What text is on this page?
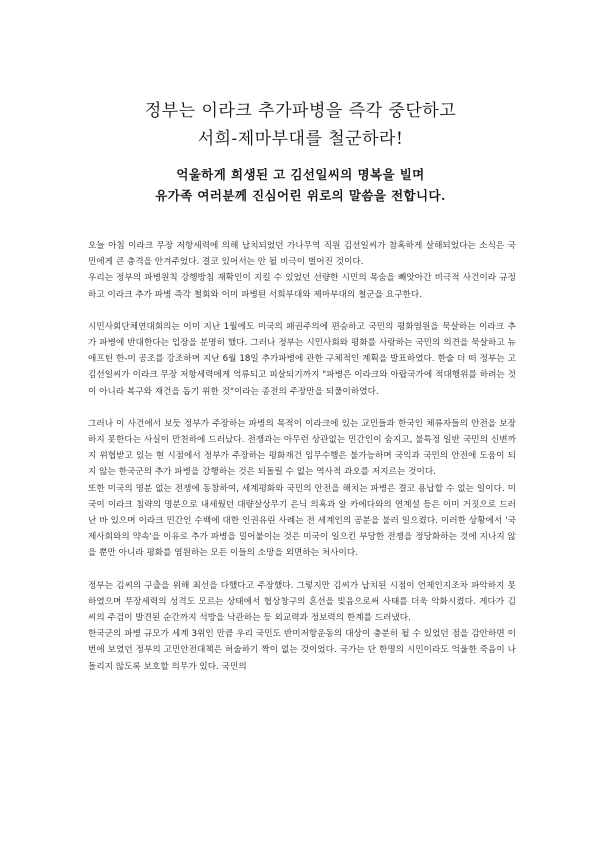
정부는 이라크 추가파병을 즉각 중단하고
서희-제마부대를 철군하라!
억울하게 희생된 고 김선일씨의 명복을 빌며
유가족 여러분께 진심어린 위로의 말씀을 전합니다.

오늘 아침 이라크 무장 저항세력에 의해 납치되었던 가나무역 직원 김선일씨가 참혹하게 살해되었다는 소식은 국민에게 큰 충격을 안겨주었다. 결코 있어서는 안 될 비극이 벌어진 것이다.

우리는 정부의 파병원칙 강행방침 재확인이 지킬 수 있었던 선량한 시민의 목숨을 빼앗아간 비극적 사건이라 규정하고 이라크 추가 파병 즉각 철회와 이미 파병된 서희부대와 제마부대의 철군을 요구한다.

시민사회단체연대회의는 이미 지난 1월에도 미국의 패권주의에 편승하고 국민의 평화염원을 묵살하는 이라크 추가 파병에 반대한다는 입장을 분명히 했다. 그러나 정부는 시민사회와 평화를 사랑하는 국민의 의견을 묵살하고 뉴애프틴 한-미 공조를 강조하며 지난 6월 18일 추가파병에 관한 구체적인 계획을 발표하였다. 한술 더 떠 정부는 고 김선일씨가 이라크 무장 저항세력에게 억류되고 피살되기까지 "파병은 이라크와 아랍국가에 적대행위를 하려는 것이 아니라 복구와 재건을 돕기 위한 것"이라는 종전의 주장만을 되풀이하였다.

그러나 이 사건에서 보듯 정부가 주장하는 파병의 목적이 이라크에 있는 교민들과 한국인 체류자들의 안전을 보장하지 못한다는 사실이 만천하에 드러났다. 전쟁과는 아무런 상관없는 민간인이 숨지고, 불특정 일반 국민의 신변까지 위협받고 있는 현 시점에서 정부가 주장하는 평화재건 임무수행은 불가능하며 국익과 국민의 안전에 도움이 되지 않는 한국군의 추가 파병을 강행하는 것은 되돌릴 수 없는 역사적 과오를 저지르는 것이다.

또한 미국의 명분 없는 전쟁에 동참하여, 세계평화와 국민의 안전을 해치는 파병은 결코 용납할 수 없는 일이다. 미국이 이라크 침략의 명분으로 내세웠던 대량살상무기 은닉 의혹과 알 카에다와의 연계설 등은 이미 거짓으로 드러난 바 있으며 이라크 민간인 수백에 대한 인권유린 사례는 전 세계인의 공분을 불러 일으켰다. 이러한 상황에서 '국제사회와의 약속'을 이유로 추가 파병을 밀어붙이는 것은 미국이 일으킨 부당한 전쟁을 정당화하는 것에 지나지 않을 뿐만 아니라 평화를 염원하는 모든 이들의 소망을 외면하는 처사이다.

정부는 김씨의 구출을 위해 최선을 다했다고 주장했다. 그렇지만 김씨가 납치된 시점이 언제인지조차 파악하지 못 하였으며 무장세력의 성격도 모르는 상태에서 협상창구의 혼선을 빚음으로써 사태를 더욱 악화시켰다. 게다가 김씨의 주검이 발견된 순간까지 석방을 낙관하는 등 외교력과 정보력의 한계를 드러냈다.

한국군의 파병 규모가 세계 3위인 만큼 우리 국민도 반미저항운동의 대상이 충분히 될 수 있었던 점을 감안하면 이번에 보였던 정부의 고민안전대책은 허술하기 짝이 없는 것이었다. 국가는 단 한명의 시민이라도 억울한 죽음이 나돌리지 않도록 보호할 의무가 있다. 국민의
